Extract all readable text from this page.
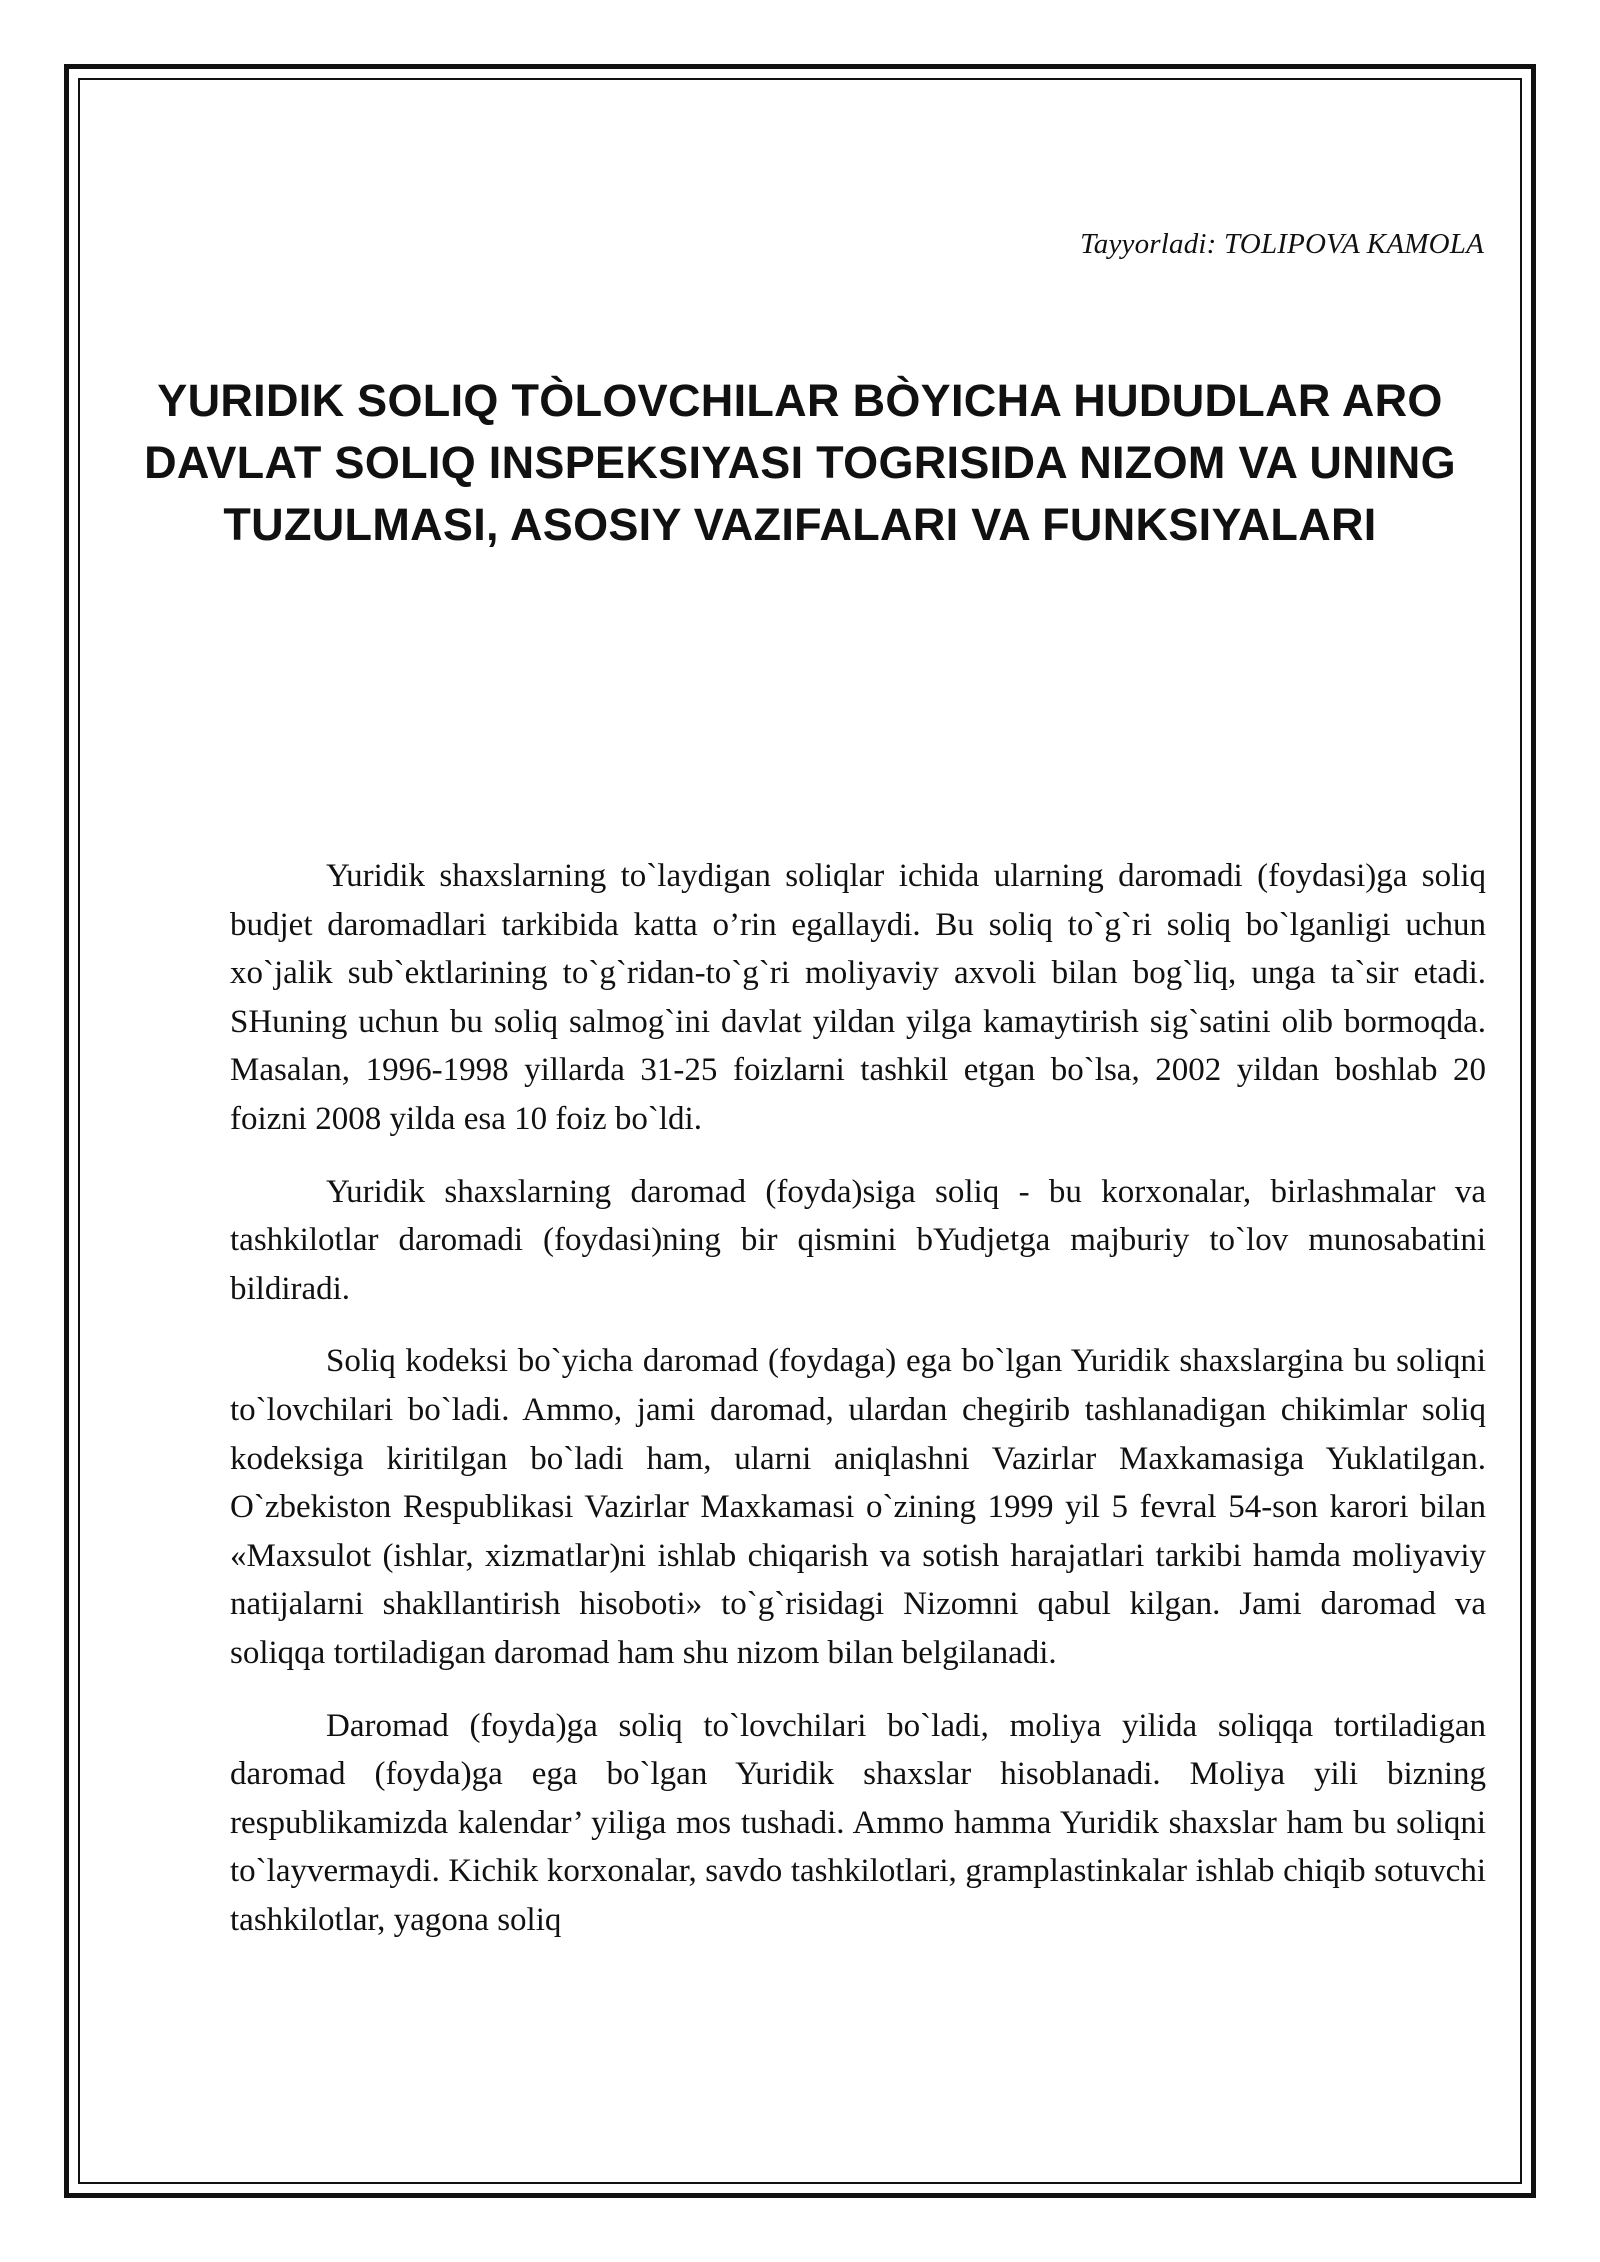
Tayyorladi: TOLIPOVA KAMOLA
YURIDIK SOLIQ TÒLOVCHILAR BÒYICHA HUDUDLAR ARO DAVLAT SOLIQ INSPEKSIYASI TOGRISIDA NIZOM VA UNING TUZULMASI, ASOSIY VAZIFALARI VA FUNKSIYALARI

Yuridik shaxslarning to`laydigan soliqlar ichida ularning daromadi (foydasi)ga soliq budjet daromadlari tarkibida katta o’rin egallaydi. Bu soliq to`g`ri soliq bo`lganligi uchun xo`jalik sub`ektlarining to`g`ridan-to`g`ri moliyaviy axvoli bilan bog`liq, unga ta`sir etadi. SHuning uchun bu soliq salmog`ini davlat yildan yilga kamaytirish sig`satini olib bormoqda. Masalan, 1996-1998 yillarda 31-25 foizlarni tashkil etgan bo`lsa, 2002 yildan boshlab 20 foizni 2008 yilda esa 10 foiz bo`ldi.

Yuridik shaxslarning daromad (foyda)siga soliq - bu korxonalar, birlashmalar va tashkilotlar daromadi (foydasi)ning bir qismini bYudjetga majburiy to`lov munosabatini bildiradi.

Soliq kodeksi bo`yicha daromad (foydaga) ega bo`lgan Yuridik shaxslargina bu soliqni to`lovchilari bo`ladi. Ammo, jami daromad, ulardan chegirib tashlanadigan chikimlar soliq kodeksiga kiritilgan bo`ladi ham, ularni aniqlashni Vazirlar Maxkamasiga Yuklatilgan. O`zbekiston Respublikasi Vazirlar Maxkamasi o`zining 1999 yil 5 fevral 54-son karori bilan «Maxsulot (ishlar, xizmatlar)ni ishlab chiqarish va sotish harajatlari tarkibi hamda moliyaviy natijalarni shakllantirish hisoboti» to`g`risidagi Nizomni qabul kilgan. Jami daromad va soliqqa tortiladigan daromad ham shu nizom bilan belgilanadi.

Daromad (foyda)ga soliq to`lovchilari bo`ladi, moliya yilida soliqqa tortiladigan daromad (foyda)ga ega bo`lgan Yuridik shaxslar hisoblanadi. Moliya yili bizning respublikamizda kalendar’ yiliga mos tushadi. Ammo hamma Yuridik shaxslar ham bu soliqni to`layvermaydi. Kichik korxonalar, savdo tashkilotlari, gramplastinkalar ishlab chiqib sotuvchi tashkilotlar, yagona soliq
